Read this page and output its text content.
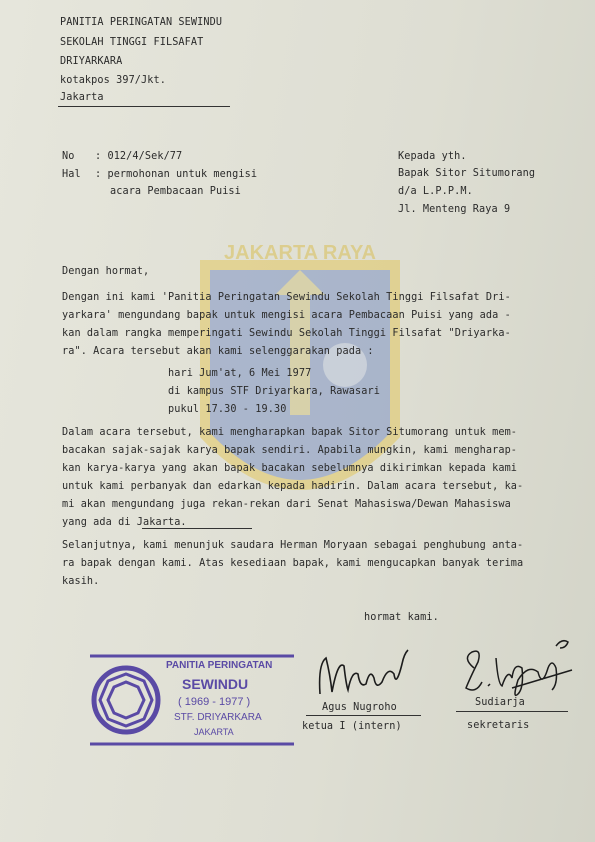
JAKARTA RAYA
PANITIA PERINGATAN SEWINDU
SEKOLAH TINGGI FILSAFAT
DRIYARKARA
kotakpos 397/Jkt.
Jakarta
No : 012/4/Sek/77
Hal : permohonan untuk mengisi
acara Pembacaan Puisi
Kepada yth.
Bapak Sitor Situmorang
d/a L.P.P.M.
Jl. Menteng Raya 9
Dengan hormat,
Dengan ini kami 'Panitia Peringatan Sewindu Sekolah Tinggi Filsafat Dri-
yarkara' mengundang bapak untuk mengisi acara Pembacaan Puisi yang ada -
kan dalam rangka memperingati Sewindu Sekolah Tinggi Filsafat "Driyarka-
ra". Acara tersebut akan kami selenggarakan pada :
hari Jum'at, 6 Mei 1977
di kampus STF Driyarkara, Rawasari
pukul 17.30 - 19.30
Dalam acara tersebut, kami mengharapkan bapak Sitor Situmorang untuk mem-
bacakan sajak-sajak karya bapak sendiri. Apabila mungkin, kami mengharap-
kan karya-karya yang akan bapak bacakan sebelumnya dikirimkan kepada kami
untuk kami perbanyak dan edarkan kepada hadirin. Dalam acara tersebut, ka-
mi akan mengundang juga rekan-rekan dari Senat Mahasiswa/Dewan Mahasiswa
yang ada di Jakarta.
Selanjutnya, kami menunjuk saudara Herman Moryaan sebagai penghubung anta-
ra bapak dengan kami. Atas kesediaan bapak, kami mengucapkan banyak terima
kasih.
hormat kami.
Agus Nugroho
ketua I (intern)
Sudiarja
sekretaris
PANITIA PERINGATAN
SEWINDU
( 1969 - 1977 )
STF. DRIYARKARA
JAKARTA
